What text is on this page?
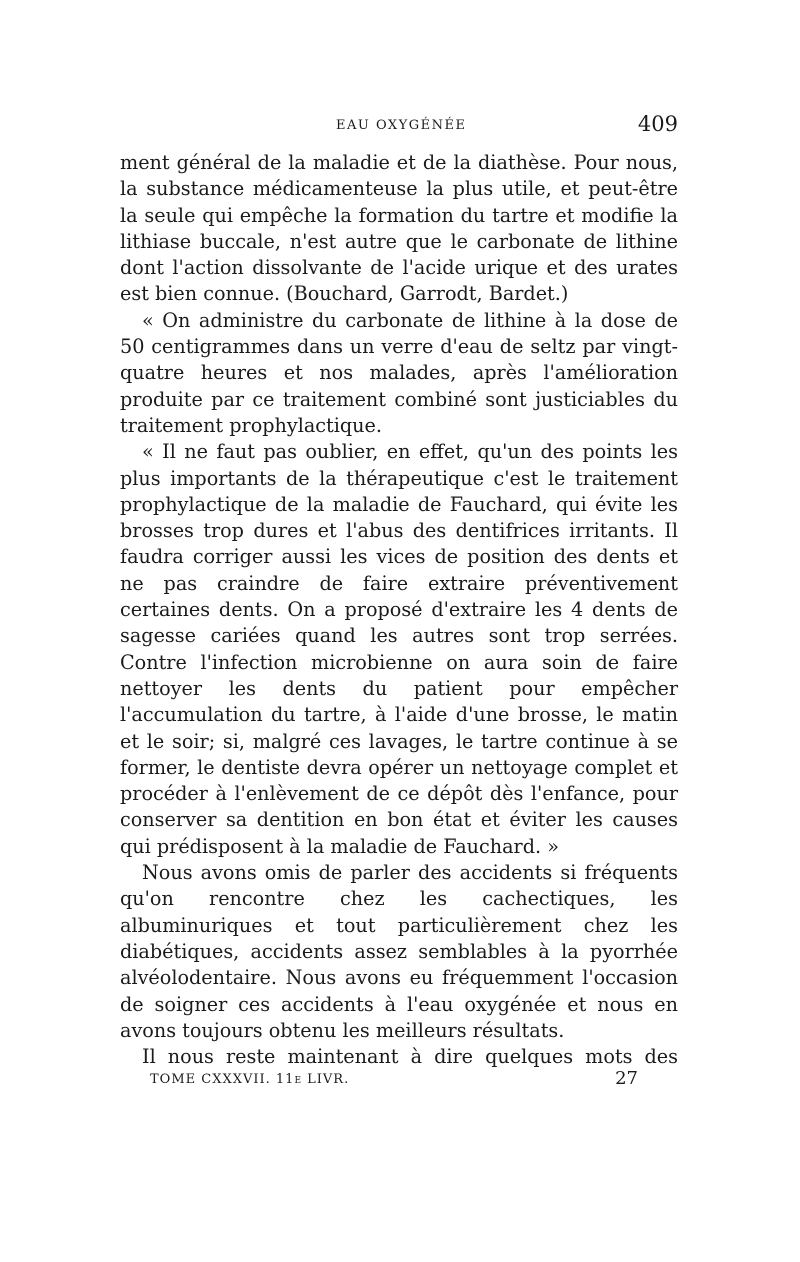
EAU OXYGÉNÉE	409

ment général de la maladie et de la diathèse. Pour nous, la substance médicamenteuse la plus utile, et peut-être la seule qui empêche la formation du tartre et modifie la lithiase buccale, n'est autre que le carbonate de lithine dont l'action dissolvante de l'acide urique et des urates est bien connue. (Bouchard, Garrodt, Bardet.)

« On administre du carbonate de lithine à la dose de 50 centigrammes dans un verre d'eau de seltz par vingt-quatre heures et nos malades, après l'amélioration produite par ce traitement combiné sont justiciables du traitement prophylactique.

« Il ne faut pas oublier, en effet, qu'un des points les plus importants de la thérapeutique c'est le traitement prophylactique de la maladie de Fauchard, qui évite les brosses trop dures et l'abus des dentifrices irritants. Il faudra corriger aussi les vices de position des dents et ne pas craindre de faire extraire préventivement certaines dents. On a proposé d'extraire les 4 dents de sagesse cariées quand les autres sont trop serrées. Contre l'infection microbienne on aura soin de faire nettoyer les dents du patient pour empêcher l'accumulation du tartre, à l'aide d'une brosse, le matin et le soir; si, malgré ces lavages, le tartre continue à se former, le dentiste devra opérer un nettoyage complet et procéder à l'enlèvement de ce dépôt dès l'enfance, pour conserver sa dentition en bon état et éviter les causes qui prédisposent à la maladie de Fauchard. »

Nous avons omis de parler des accidents si fréquents qu'on rencontre chez les cachectiques, les albuminuriques et tout particulièrement chez les diabétiques, accidents assez semblables à la pyorrhée alvéolodentaire. Nous avons eu fréquemment l'occasion de soigner ces accidents à l'eau oxygénée et nous en avons toujours obtenu les meilleurs résultats.

Il nous reste maintenant à dire quelques mots des

TOME CXXXVII. 11e LIVR.	27
